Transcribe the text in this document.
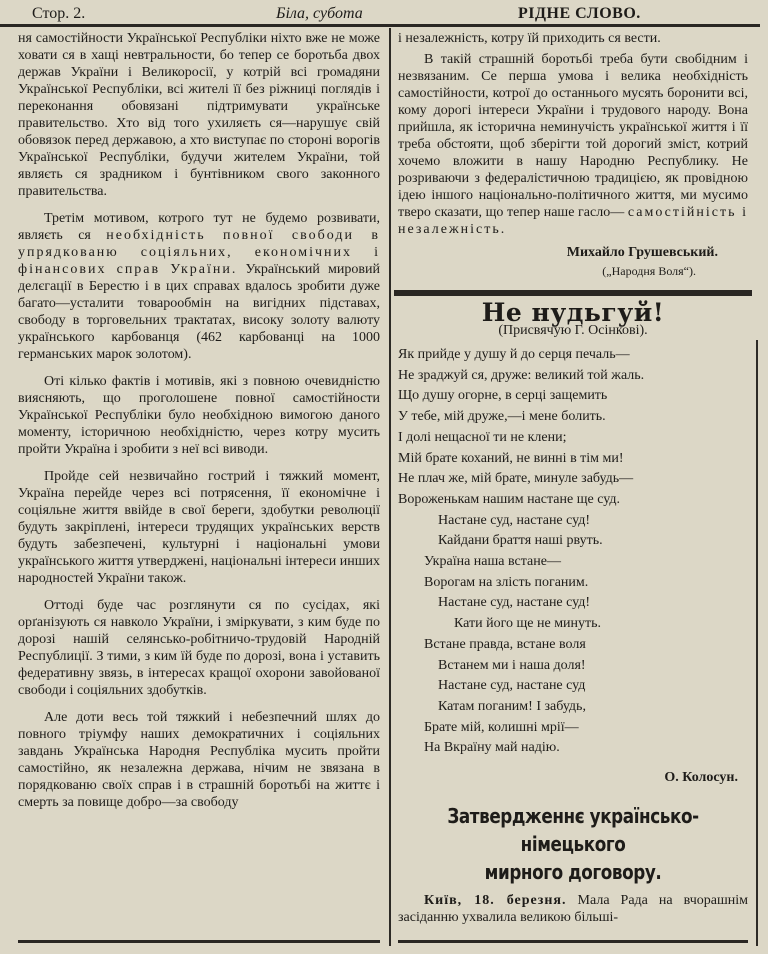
Стор. 2.	Біла, субота	РІДНЕ СЛОВО.

ня самостійности Української Республіки ніхто вже не може ховати ся в хащі невтральности, бо тепер се боротьба двох держав України і Великоросії, у котрій всі громадяни Української Республіки, всі жителі її без ріжниці поглядів і переконання обовязані підтримувати українське правительство. Хто від того ухиляєть ся—нарушує свій обовязок перед державою, а хто виступає по стороні ворогів Української Республіки, будучи жителем України, той являєть ся зрадником і бунтівником свого законного правительства.

Третім мотивом, котрого тут не будемо розвивати, являєть ся необхідність повної свободи в упрядкованю соціяльних, економічних і фінансових справ України. Український мировий делєгації в Берестю і в цих справах вдалось зробити дуже багато—усталити товарообмін на вигідних підставах, свободу в торговельних трактатах, високу золоту валюту українського карбованця (462 карбованці на 1000 германських марок золотом).

Оті кілько фактів і мотивів, які з повною очевидністю виясняють, що проголошене повної самостійности Української Республіки було необхідною вимогою даного моменту, історичною необхідністю, через котру мусить пройти Україна і зробити з неї всі виводи.

Пройде сей незвичайно гострий і тяжкий момент, Україна перейде через всі потрясення, її економічне і соціяльне життя ввійде в свої береги, здобутки революції будуть закріплені, інтереси трудящих українських верств будуть забезпечені, культурні і національні умови українського життя утверджені, національні інтереси инших народностей України також.

Оттоді буде час розглянути ся по сусідах, які орґанізують ся навколо України, і зміркувати, з ким буде по дорозі нашій селянсько-робітничо-трудовій Народній Республиції. З тими, з ким їй буде по дорозі, вона і уставить федеративну звязь, в інтересах кращої охорони завойованої свободи і соціяльних здобутків.

Але доти весь той тяжкий і небезпечний шлях до повного тріумфу наших демократичних і соціяльних завдань Українська Народня Республіка мусить пройти самостійно, як незалежна держава, нічим не звязана в порядкованю своїх справ і в страшній боротьбі на життє і смерть за повище добро—за свободу

і незалежність, котру їй приходить ся вести.

В такій страшній боротьбі треба бути свобідним і незвязаним. Се перша умова і велика необхідність самостійности, котрої до останнього мусять боронити всі, кому дорогі інтереси України і трудового народу. Вона прийшла, як історична неминучість української життя і її треба обстояти, щоб зберігти той дорогий зміст, котрий хочемо вложити в нашу Народню Республику. Не розриваючи з федералістичною традицією, як провідною ідею іншого національно-політичного життя, ми мусимо тверо сказати, що тепер наше гасло— самостійність і незалежність.

Михайло Грушевський.

(„Народня Воля“).

Не нудьгуй!

(Присвячую Г. Осінкові).

Як прийде у душу й до серця печаль—
Не зраджуй ся, друже: великий той жаль.
Що душу огорне, в серці защемить
У тебе, мій друже,—і мене болить.
І долі нещасної ти не клени;
Мій брате коханий, не винні в тім ми!
Не плач же, мій брате, минуле забудь—
Вороженькам нашим настане ще суд.
Настане суд, настане суд!
Кайдани браття наші рвуть.
Україна наша встане—
Ворогам на злість поганим.
Настане суд, настане суд!
Кати його ще не минуть.
Встане правда, встане воля
Встанем ми і наша доля!
Настане суд, настане суд
Катам поганим! І забудь,
Брате мій, колишні мрії—
На Вкраїну май надію.

О. Колосун.

Затвердженнє українсько-німецького
мирного договору.

Київ, 18. березня. Мала Рада на вчорашнім засіданню ухвалила великою більші-
